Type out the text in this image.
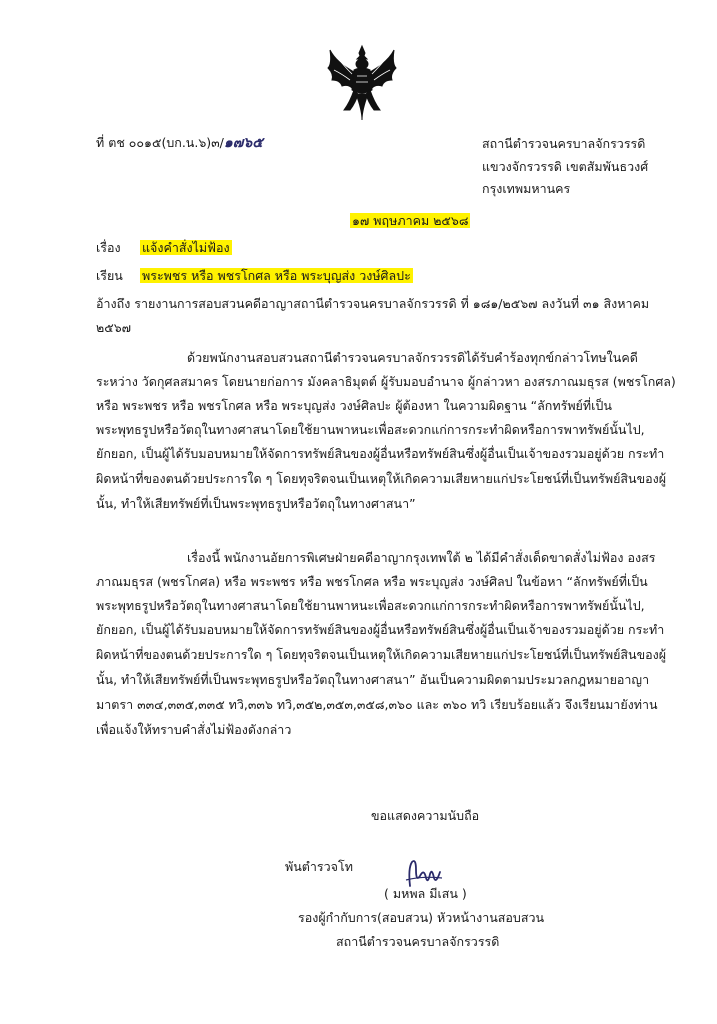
ที่ ตช ๐๐๑๕(บก.น.๖)๓/๑๗๖๕	สถานีตำรวจนครบาลจักรวรรดิ
แขวงจักรวรรดิ เขตสัมพันธวงศ์
กรุงเทพมหานคร
๑๗ พฤษภาคม ๒๕๖๘
เรื่อง แจ้งคำสั่งไม่ฟ้อง
เรียน พระพชร หรือ พชรโกศล หรือ พระบุญส่ง วงษ์ศิลปะ
อ้างถึง รายงานการสอบสวนคดีอาญาสถานีตำรวจนครบาลจักรวรรดิ ที่ ๑๘๑/๒๕๖๗ ลงวันที่ ๓๑ สิงหาคม
๒๕๖๗
ด้วยพนักงานสอบสวนสถานีตำรวจนครบาลจักรวรรดิได้รับคำร้องทุกข์กล่าวโทษในคดี
ระหว่าง วัดกุศลสมาคร โดยนายก่อการ มังคลาธิมุตต์ ผู้รับมอบอำนาจ ผู้กล่าวหา องสรภาณมธุรส (พชรโกศล)
หรือ พระพชร หรือ พชรโกศล หรือ พระบุญส่ง วงษ์ศิลปะ ผู้ต้องหา ในความผิดฐาน “ลักทรัพย์ที่เป็น
พระพุทธรูปหรือวัตถุในทางศาสนาโดยใช้ยานพาหนะเพื่อสะดวกแก่การกระทำผิดหรือการพาทรัพย์นั้นไป,
ยักยอก, เป็นผู้ได้รับมอบหมายให้จัดการทรัพย์สินของผู้อื่นหรือทรัพย์สินซึ่งผู้อื่นเป็นเจ้าของรวมอยู่ด้วย กระทำ
ผิดหน้าที่ของตนด้วยประการใด ๆ โดยทุจริตจนเป็นเหตุให้เกิดความเสียหายแก่ประโยชน์ที่เป็นทรัพย์สินของผู้
นั้น, ทำให้เสียทรัพย์ที่เป็นพระพุทธรูปหรือวัตถุในทางศาสนา”
เรื่องนี้ พนักงานอัยการพิเศษฝ่ายคดีอาญากรุงเทพใต้ ๒ ได้มีคำสั่งเด็ดขาดสั่งไม่ฟ้อง องสร
ภาณมธุรส (พชรโกศล) หรือ พระพชร หรือ พชรโกศล หรือ พระบุญส่ง วงษ์ศิลป ในข้อหา “ลักทรัพย์ที่เป็น
พระพุทธรูปหรือวัตถุในทางศาสนาโดยใช้ยานพาหนะเพื่อสะดวกแก่การกระทำผิดหรือการพาทรัพย์นั้นไป,
ยักยอก, เป็นผู้ได้รับมอบหมายให้จัดการทรัพย์สินของผู้อื่นหรือทรัพย์สินซึ่งผู้อื่นเป็นเจ้าของรวมอยู่ด้วย กระทำ
ผิดหน้าที่ของตนด้วยประการใด ๆ โดยทุจริตจนเป็นเหตุให้เกิดความเสียหายแก่ประโยชน์ที่เป็นทรัพย์สินของผู้
นั้น, ทำให้เสียทรัพย์ที่เป็นพระพุทธรูปหรือวัตถุในทางศาสนา” อันเป็นความผิดตามประมวลกฎหมายอาญา
มาตรา ๓๓๔,๓๓๕,๓๓๕ ทวิ,๓๓๖ ทวิ,๓๕๒,๓๕๓,๓๕๘,๓๖๐ และ ๓๖๐ ทวิ เรียบร้อยแล้ว จึงเรียนมายังท่าน
เพื่อแจ้งให้ทราบคำสั่งไม่ฟ้องดังกล่าว
ขอแสดงความนับถือ
พันตำรวจโท
( มหพล มีเสน )
รองผู้กำกับการ(สอบสวน) หัวหน้างานสอบสวน
สถานีตำรวจนครบาลจักรวรรดิ
